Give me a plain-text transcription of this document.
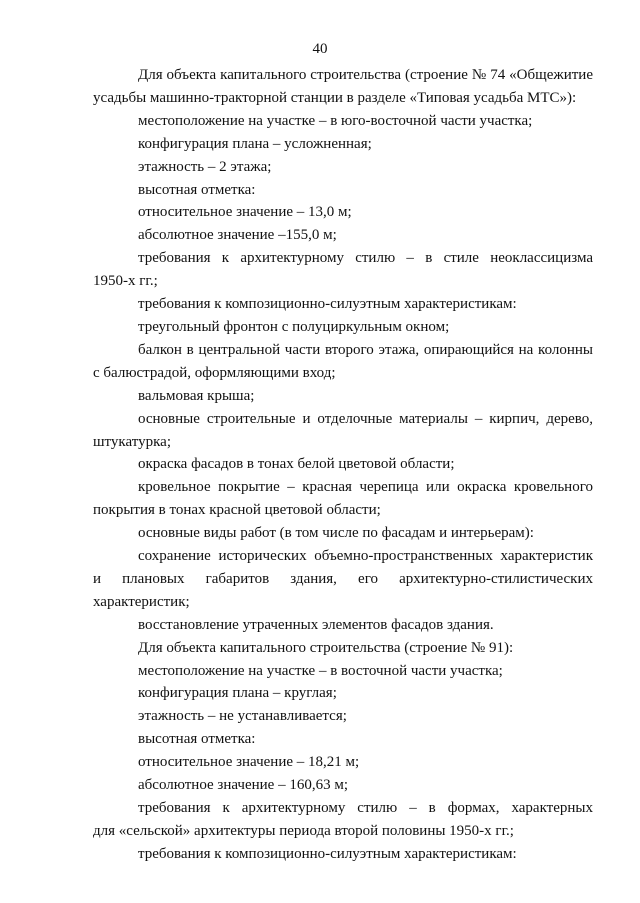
40
Для объекта капитального строительства (строение № 74 «Общежитие
усадьбы машинно-тракторной станции в разделе «Типовая усадьба МТС»):
местоположение на участке – в юго-восточной части участка;
конфигурация плана – усложненная;
этажность – 2 этажа;
высотная отметка:
относительное значение – 13,0 м;
абсолютное значение –155,0 м;
требования к архитектурному стилю – в стиле неоклассицизма
1950-х гг.;
требования к композиционно-силуэтным характеристикам:
треугольный фронтон с полуциркульным окном;
балкон в центральной части второго этажа, опирающийся на колонны
с балюстрадой, оформляющими вход;
вальмовая крыша;
основные строительные и отделочные материалы – кирпич, дерево,
штукатурка;
окраска фасадов в тонах белой цветовой области;
кровельное покрытие – красная черепица или окраска кровельного
покрытия в тонах красной цветовой области;
основные виды работ (в том числе по фасадам и интерьерам):
сохранение исторических объемно-пространственных характеристик
и плановых габаритов здания, его архитектурно-стилистических
характеристик;
восстановление утраченных элементов фасадов здания.
Для объекта капитального строительства (строение № 91):
местоположение на участке – в восточной части участка;
конфигурация плана – круглая;
этажность – не устанавливается;
высотная отметка:
относительное значение – 18,21 м;
абсолютное значение – 160,63 м;
требования к архитектурному стилю – в формах, характерных
для «сельской» архитектуры периода второй половины 1950-х гг.;
требования к композиционно-силуэтным характеристикам:
